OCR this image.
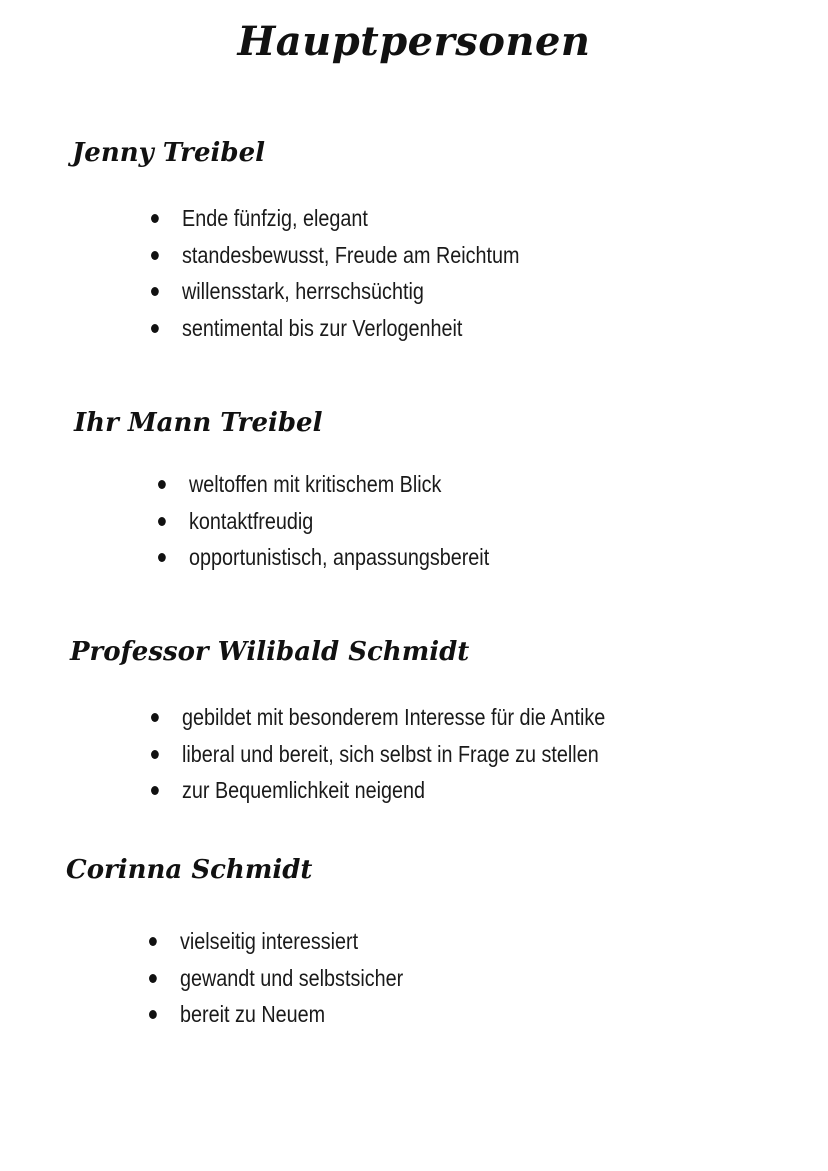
Hauptpersonen
Jenny Treibel
Ende fünfzig, elegant
standesbewusst, Freude am Reichtum
willensstark, herrschsüchtig
sentimental bis zur Verlogenheit
Ihr Mann Treibel
weltoffen mit kritischem Blick
kontaktfreudig
opportunistisch, anpassungsbereit
Professor Wilibald Schmidt
gebildet mit besonderem Interesse für die Antike
liberal und bereit, sich selbst in Frage zu stellen
zur Bequemlichkeit neigend
Corinna Schmidt
vielseitig interessiert
gewandt und selbstsicher
bereit zu Neuem
